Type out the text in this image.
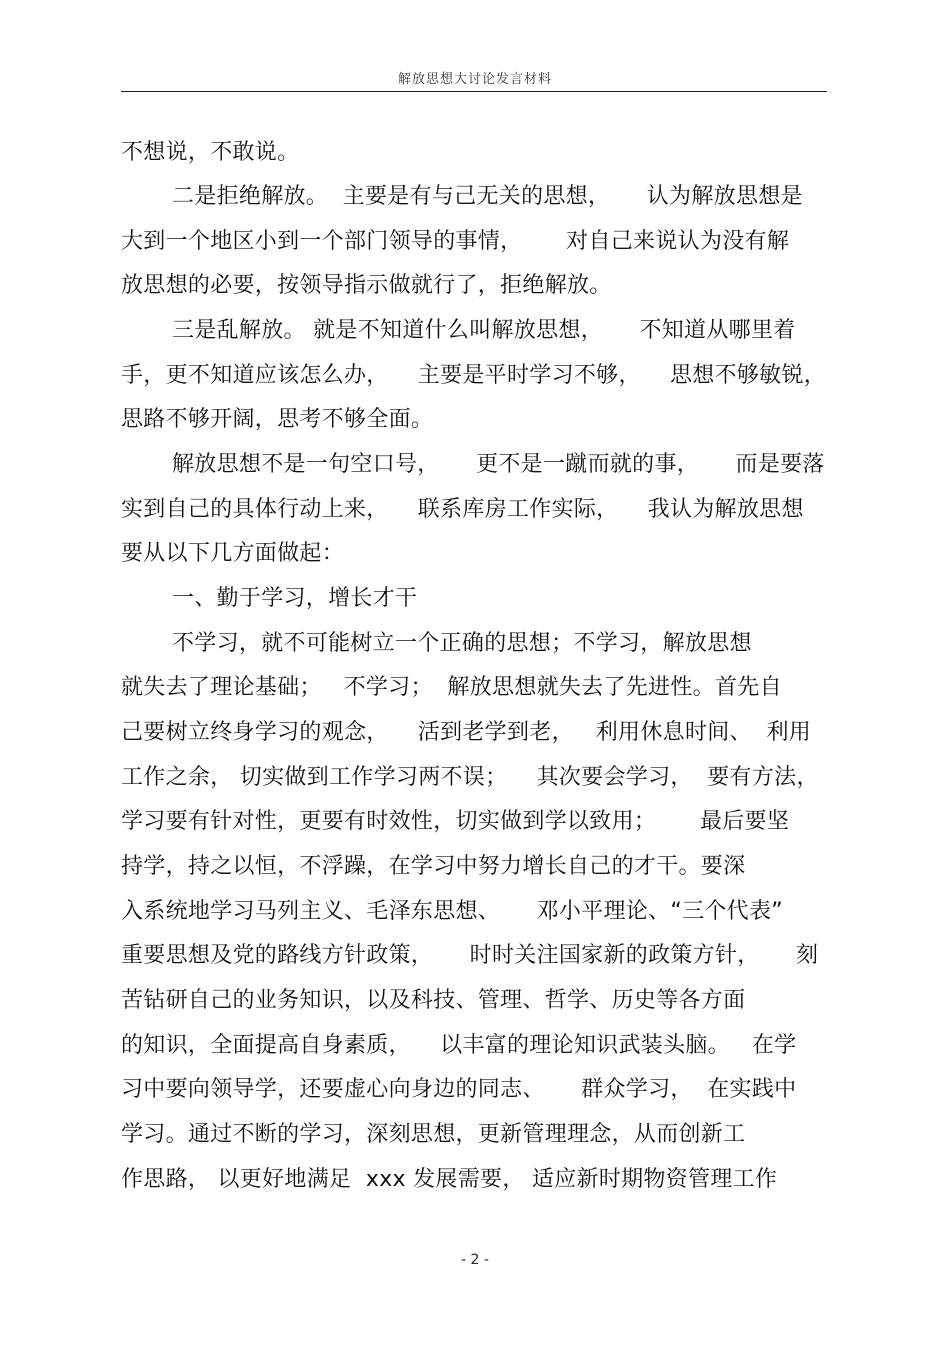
解放思想大讨论发言材料
不想说，不敢说。
二是拒绝解放。  主要是有与己无关的思想，     认为解放思想是
大到一个地区小到一个部门领导的事情，      对自己来说认为没有解
放思想的必要，按领导指示做就行了，拒绝解放。
三是乱解放。 就是不知道什么叫解放思想，     不知道从哪里着
手，更不知道应该怎么办，    主要是平时学习不够，    思想不够敏锐，
思路不够开阔，思考不够全面。
解放思想不是一句空口号，     更不是一蹴而就的事，     而是要落
实到自己的具体行动上来，    联系库房工作实际，    我认为解放思想
要从以下几方面做起：
一、勤于学习，增长才干
不学习，就不可能树立一个正确的思想；不学习，解放思想
就失去了理论基础；   不学习；  解放思想就失去了先进性。首先自
己要树立终身学习的观念，    活到老学到老，   利用休息时间、  利用
工作之余， 切实做到工作学习两不误；    其次要会学习，  要有方法，
学习要有针对性，更要有时效性，切实做到学以致用；      最后要坚
持学，持之以恒，不浮躁，在学习中努力增长自己的才干。要深
入系统地学习马列主义、毛泽东思想、     邓小平理论、“三个代表”
重要思想及党的路线方针政策，     时时关注国家新的政策方针，     刻
苦钻研自己的业务知识，以及科技、管理、哲学、历史等各方面
的知识，全面提高自身素质，    以丰富的理论知识武装头脑。   在学
习中要向领导学，还要虚心向身边的同志、     群众学习，  在实践中
学习。通过不断的学习，深刻思想，更新管理理念，从而创新工
作思路， 以更好地满足  xxx 发展需要， 适应新时期物资管理工作
- 2 -
